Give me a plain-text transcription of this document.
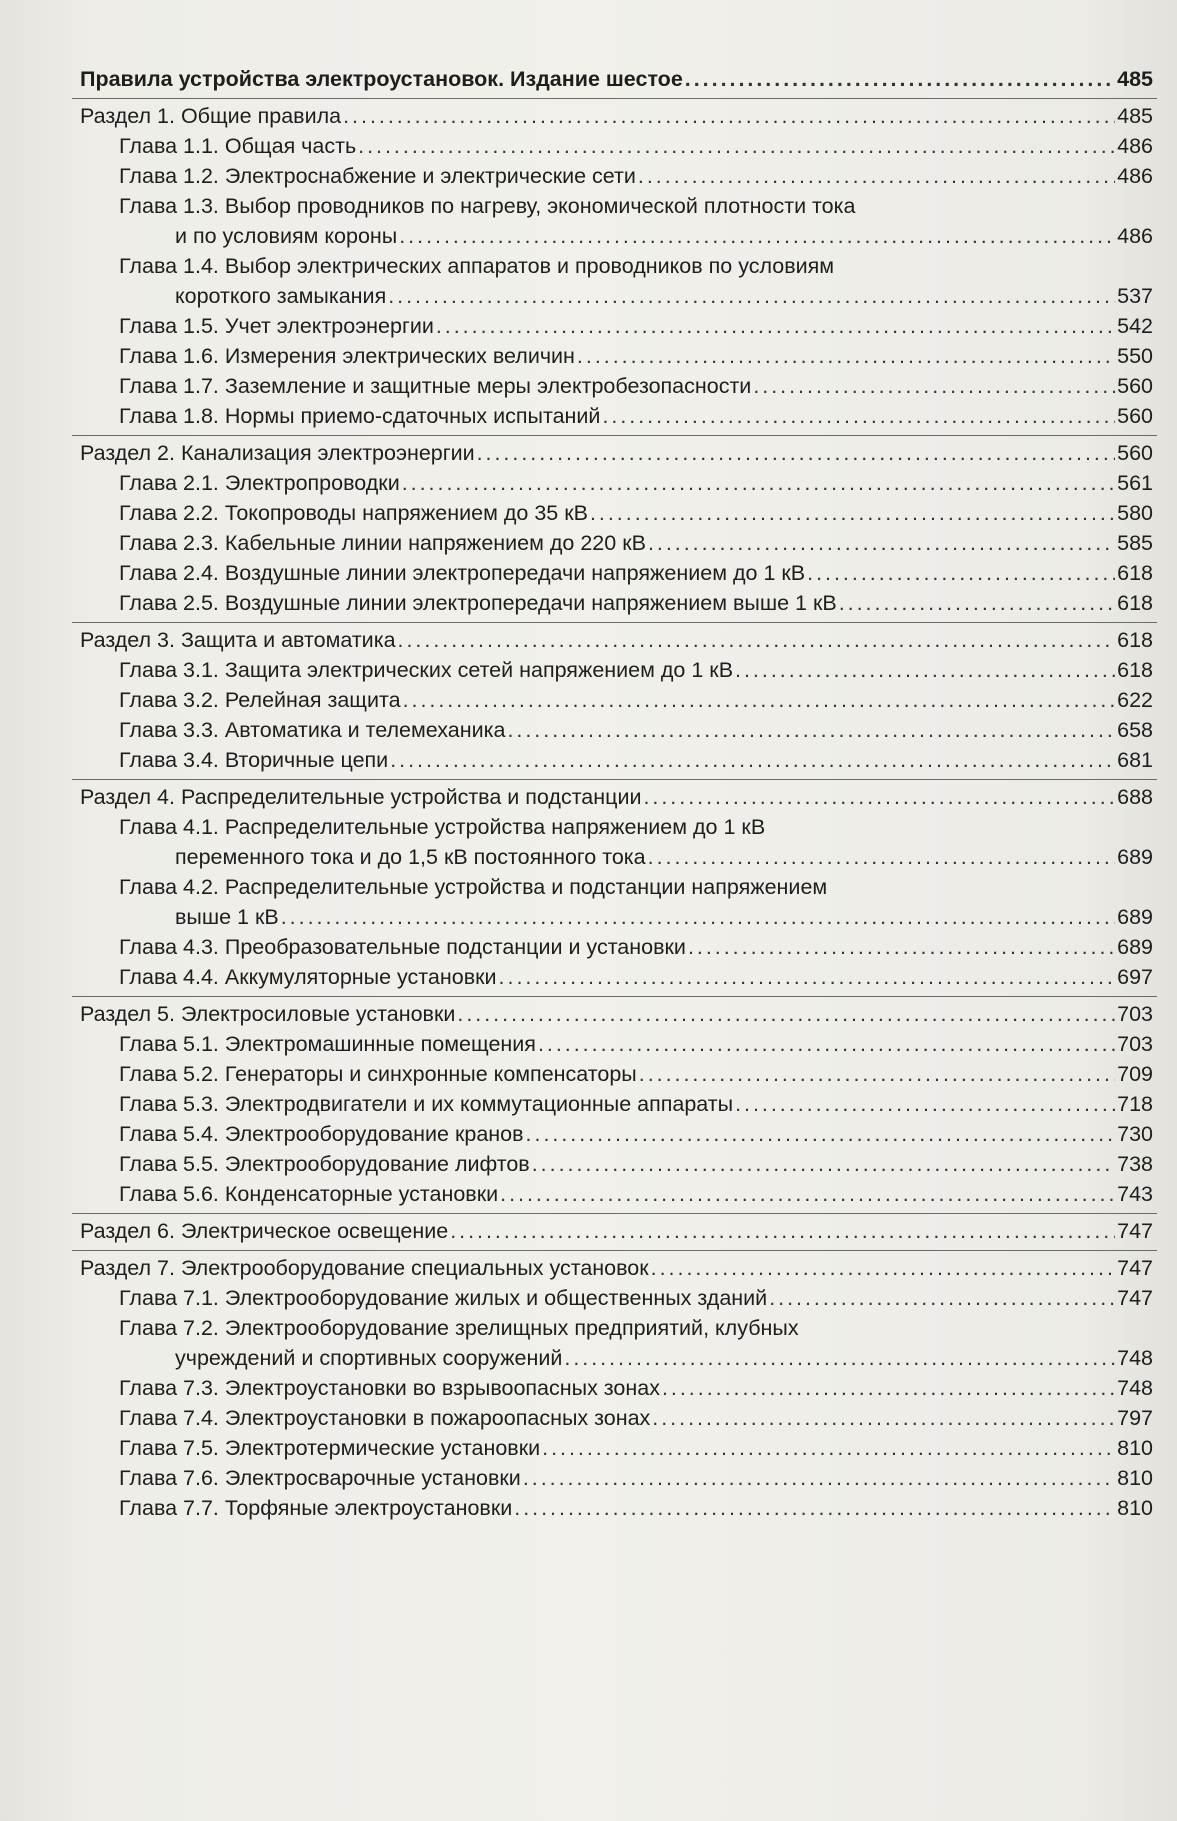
Правила устройства электроустановок. Издание шестое . . .	485
Раздел 1. Общие правила . . .	485
Глава 1.1. Общая часть . . .	486
Глава 1.2. Электроснабжение и электрические сети . . .	486
Глава 1.3. Выбор проводников по нагреву, экономической плотности тока
и по условиям короны . . .	486
Глава 1.4. Выбор электрических аппаратов и проводников по условиям
короткого замыкания . . .	537
Глава 1.5. Учет электроэнергии . . .	542
Глава 1.6. Измерения электрических величин . . .	550
Глава 1.7. Заземление и защитные меры электробезопасности . . .	560
Глава 1.8. Нормы приемо-сдаточных испытаний . . .	560
Раздел 2. Канализация электроэнергии . . .	560
Глава 2.1. Электропроводки . . .	561
Глава 2.2. Токопроводы напряжением до 35 кВ . . .	580
Глава 2.3. Кабельные линии напряжением до 220 кВ . . .	585
Глава 2.4. Воздушные линии электропередачи напряжением до 1 кВ . . .	618
Глава 2.5. Воздушные линии электропередачи напряжением выше 1 кВ . . .	618
Раздел 3. Защита и автоматика . . .	618
Глава 3.1. Защита электрических сетей напряжением до 1 кВ . . .	618
Глава 3.2. Релейная защита . . .	622
Глава 3.3. Автоматика и телемеханика . . .	658
Глава 3.4. Вторичные цепи . . .	681
Раздел 4. Распределительные устройства и подстанции . . .	688
Глава 4.1. Распределительные устройства напряжением до 1 кВ
переменного тока и до 1,5 кВ постоянного тока . . .	689
Глава 4.2. Распределительные устройства и подстанции напряжением
выше 1 кВ . . .	689
Глава 4.3. Преобразовательные подстанции и установки . . .	689
Глава 4.4. Аккумуляторные установки . . .	697
Раздел 5. Электросиловые установки . . .	703
Глава 5.1. Электромашинные помещения . . .	703
Глава 5.2. Генераторы и синхронные компенсаторы . . .	709
Глава 5.3. Электродвигатели и их коммутационные аппараты . . .	718
Глава 5.4. Электрооборудование кранов . . .	730
Глава 5.5. Электрооборудование лифтов . . .	738
Глава 5.6. Конденсаторные установки . . .	743
Раздел 6. Электрическое освещение . . .	747
Раздел 7. Электрооборудование специальных установок . . .	747
Глава 7.1. Электрооборудование жилых и общественных зданий . . .	747
Глава 7.2. Электрооборудование зрелищных предприятий, клубных
учреждений и спортивных сооружений . . .	748
Глава 7.3. Электроустановки во взрывоопасных зонах . . .	748
Глава 7.4. Электроустановки в пожароопасных зонах . . .	797
Глава 7.5. Электротермические установки . . .	810
Глава 7.6. Электросварочные установки . . .	810
Глава 7.7. Торфяные электроустановки . . .	810
